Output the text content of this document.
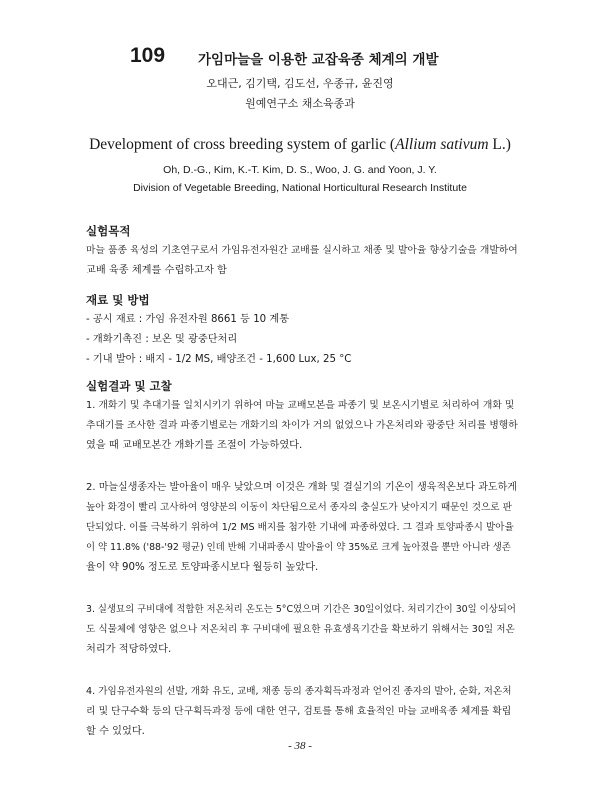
109 가임마늘을 이용한 교잡육종 체계의 개발
오대근, 김기택, 김도선, 우종규, 윤진영
원예연구소 채소육종과
Development of cross breeding system of garlic (Allium sativum L.)
Oh, D.-G., Kim, K.-T. Kim, D. S., Woo, J. G. and Yoon, J. Y.
Division of Vegetable Breeding, National Horticultural Research Institute
실험목적
마늘 품종 육성의 기초연구로서 가임유전자원간 교배를 실시하고 채종 및 발아율 향상기술을 개발하여
교배 육종 체계를 수립하고자 함
재료 및 방법
- 공시 재료 : 가임 유전자원 8661 등 10 계통
- 개화기촉진 : 보온 및 광중단처리
- 기내 발아 : 배지 - 1/2 MS, 배양조건 - 1,600 Lux, 25 °C
실험결과 및 고찰
1. 개화기 및 추대기를 일치시키기 위하여 마늘 교배모본을 파종기 및 보온시기별로 처리하여 개화 및
추대기를 조사한 결과 파종기별로는 개화기의 차이가 거의 없었으나 가온처리와 광중단 처리를 병행하
였을 때 교배모본간 개화기를 조절이 가능하였다.
2. 마늘실생종자는 발아율이 매우 낮았으며 이것은 개화 및 결실기의 기온이 생육적온보다 과도하게
높아 화경이 빨리 고사하여 영양분의 이동이 차단됨으로서 종자의 충실도가 낮아지기 때문인 것으로 판
단되었다. 이를 극복하기 위하여 1/2 MS 배지를 첨가한 기내에 파종하였다. 그 결과 토양파종시 발아율
이 약 11.8% ('88-'92 평균) 인데 반해 기내파종시 발아율이 약 35%로 크게 높아졌을 뿐만 아니라 생존
율이 약 90% 정도로 토양파종시보다 월등히 높았다.
3. 실생묘의 구비대에 적합한 저온처리 온도는 5°C였으며 기간은 30일이었다. 처리기간이 30일 이상되어
도 식물체에 영향은 없으나 저온처리 후 구비대에 필요한 유효생육기간을 확보하기 위해서는 30일 저온
처리가 적당하였다.
4. 가임유전자원의 선발, 개화 유도, 교배, 채종 등의 종자획득과정과 얻어진 종자의 발아, 순화, 저온처
리 및 단구수확 등의 단구획득과정 등에 대한 연구, 검토를 통해 효율적인 마늘 교배육종 체계를 확립
할 수 있었다.
- 38 -
